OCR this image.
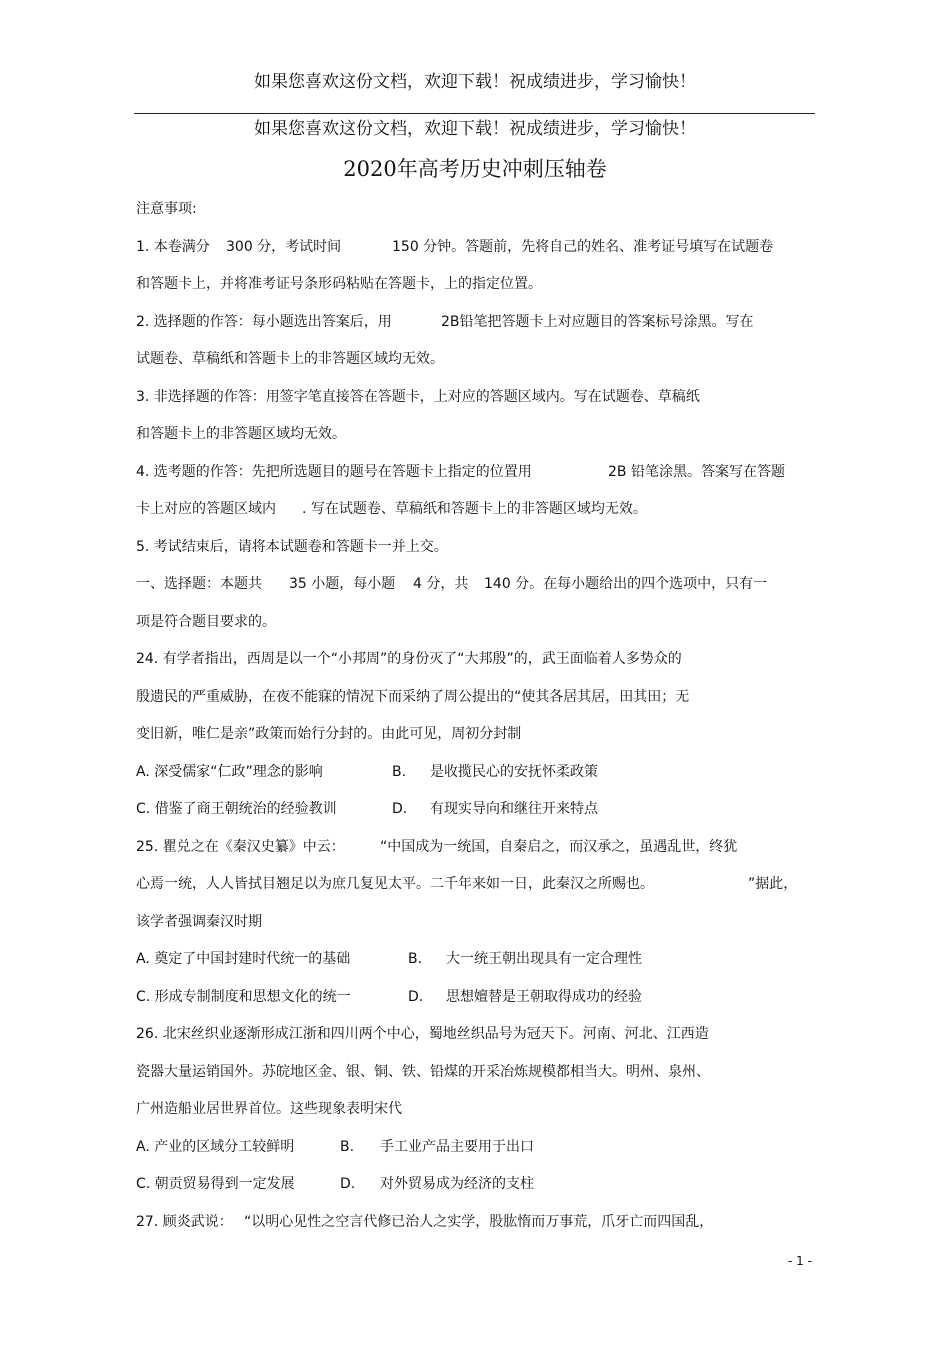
如果您喜欢这份文档，欢迎下载！祝成绩进步，学习愉快！
如果您喜欢这份文档，欢迎下载！祝成绩进步，学习愉快！
2020年高考历史冲刺压轴卷
注意事项:
1. 本卷满分 300 分，考试时间	150 分钟。答题前，先将自己的姓名、准考证号填写在试题卷
和答题卡上，并将准考证号条形码粘贴在答题卡，上的指定位置。
2. 选择题的作答：每小题选出答案后，用	2B铅笔把答题卡上对应题目的答案标号涂黑。写在
试题卷、草稿纸和答题卡上的非答题区域均无效。
3. 非选择题的作答：用签字笔直接答在答题卡，上对应的答题区域内。写在试题卷、草稿纸
和答题卡上的非答题区域均无效。
4. 选考题的作答：先把所选题目的题号在答题卡上指定的位置用	2B 铅笔涂黑。答案写在答题
卡上对应的答题区域内 . 写在试题卷、草稿纸和答题卡上的非答题区域均无效。
5. 考试结束后，请将本试题卷和答题卡一并上交。
一、选择题：本题共 35 小题，每小题 4 分，共 140 分。在每小题给出的四个选项中，只有一
项是符合题目要求的。
24. 有学者指出，西周是以一个“小邦周”的身份灭了“大邦殷”的，武王面临着人多势众的
殷遗民的严重威胁，在夜不能寐的情况下而采纳了周公提出的“使其各居其居，田其田；无
变旧新，唯仁是亲”政策而始行分封的。由此可见，周初分封制
A. 深受儒家“仁政”理念的影响	B. 是收揽民心的安抚怀柔政策
C. 借鉴了商王朝统治的经验教训	D. 有现实导向和继往开来特点
25. 瞿兑之在《秦汉史纂》中云：	“中国成为一统国，自秦启之，而汉承之，虽遇乱世，终犹
心焉一统，人人皆拭目翘足以为庶几复见太平。二千年来如一日，此秦汉之所赐也。	”据此，
该学者强调秦汉时期
A. 奠定了中国封建时代统一的基础	B. 大一统王朝出现具有一定合理性
C. 形成专制制度和思想文化的统一	D. 思想嬗替是王朝取得成功的经验
26. 北宋丝织业逐渐形成江浙和四川两个中心，蜀地丝织品号为冠天下。河南、河北、江西造
瓷器大量运销国外。苏皖地区金、银、铜、铁、铅煤的开采冶炼规模都相当大。明州、泉州、
广州造船业居世界首位。这些现象表明宋代
A. 产业的区域分工较鲜明	B. 手工业产品主要用于出口
C. 朝贡贸易得到一定发展	D. 对外贸易成为经济的支柱
27. 顾炎武说： “以明心见性之空言代修已治人之实学，股肱惰而万事荒，爪牙亡而四国乱，
- 1 -
